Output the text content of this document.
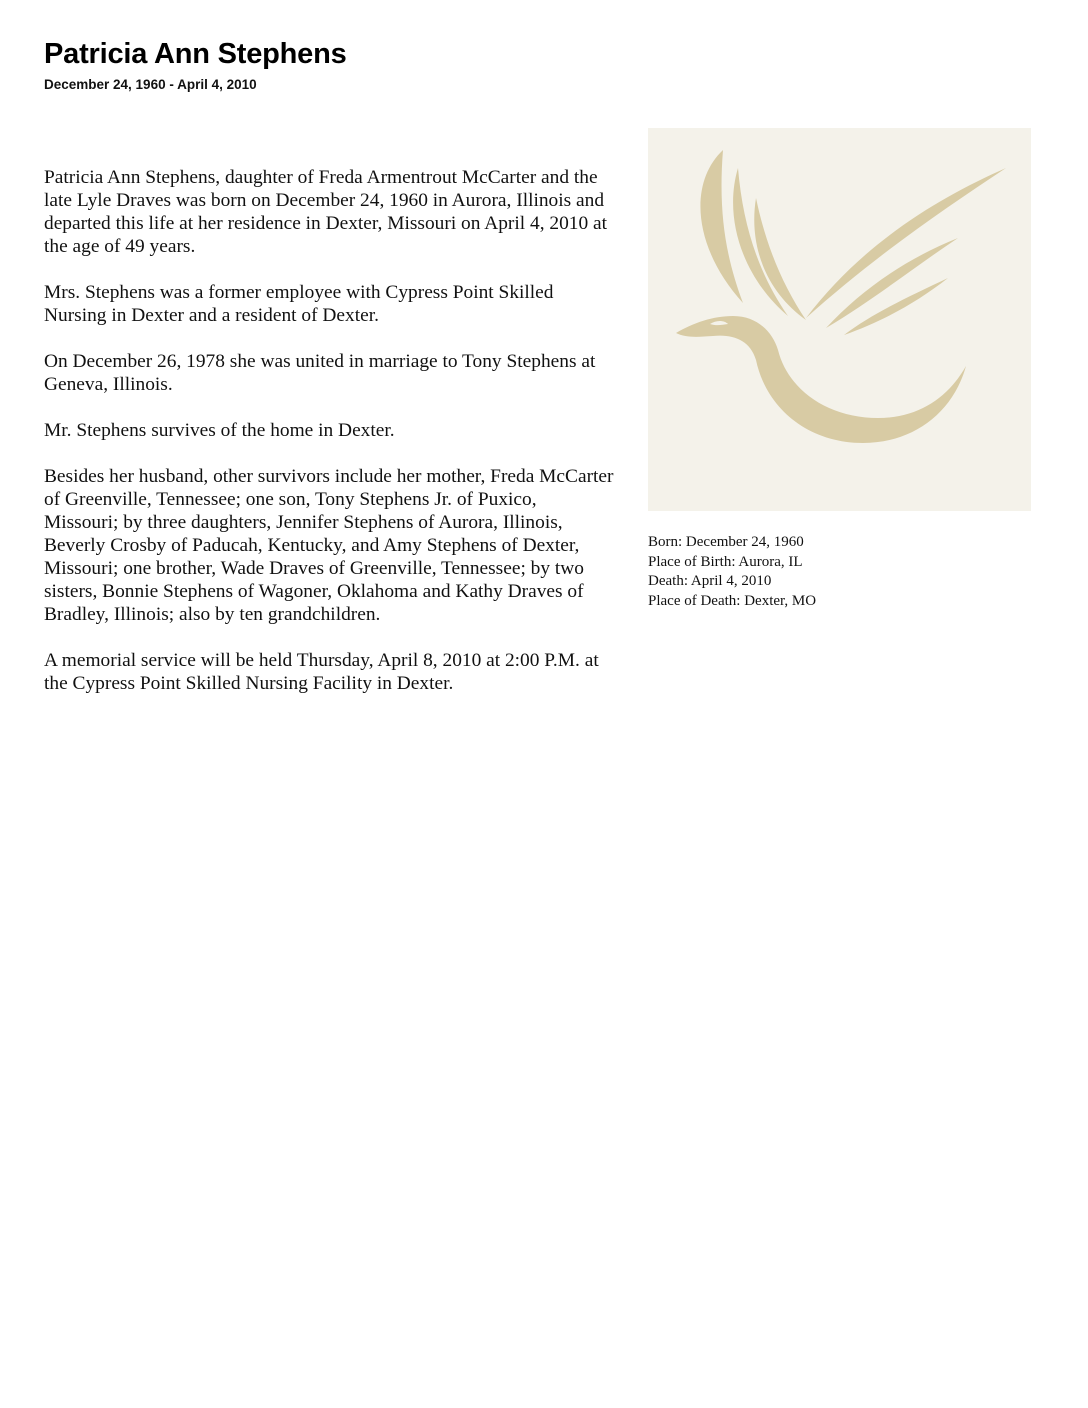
Patricia Ann Stephens
December 24, 1960 - April 4, 2010

Patricia Ann Stephens, daughter of Freda Armentrout McCarter and the late Lyle Draves was born on December 24, 1960 in Aurora, Illinois and departed this life at her residence in Dexter, Missouri on April 4, 2010 at the age of 49 years.

Mrs. Stephens was a former employee with Cypress Point Skilled Nursing in Dexter and a resident of Dexter.

On December 26, 1978 she was united in marriage to Tony Stephens at Geneva, Illinois.

Mr. Stephens survives of the home in Dexter.

Besides her husband, other survivors include her mother, Freda McCarter of Greenville, Tennessee; one son, Tony Stephens Jr. of Puxico, Missouri; by three daughters, Jennifer Stephens of Aurora, Illinois, Beverly Crosby of Paducah, Kentucky, and Amy Stephens of Dexter, Missouri; one brother, Wade Draves of Greenville, Tennessee; by two sisters, Bonnie Stephens of Wagoner, Oklahoma and Kathy Draves of Bradley, Illinois; also by ten grandchildren.

A memorial service will be held Thursday, April 8, 2010 at 2:00 P.M. at the Cypress Point Skilled Nursing Facility in Dexter.

Born: December 24, 1960
Place of Birth: Aurora, IL
Death: April 4, 2010
Place of Death: Dexter, MO
